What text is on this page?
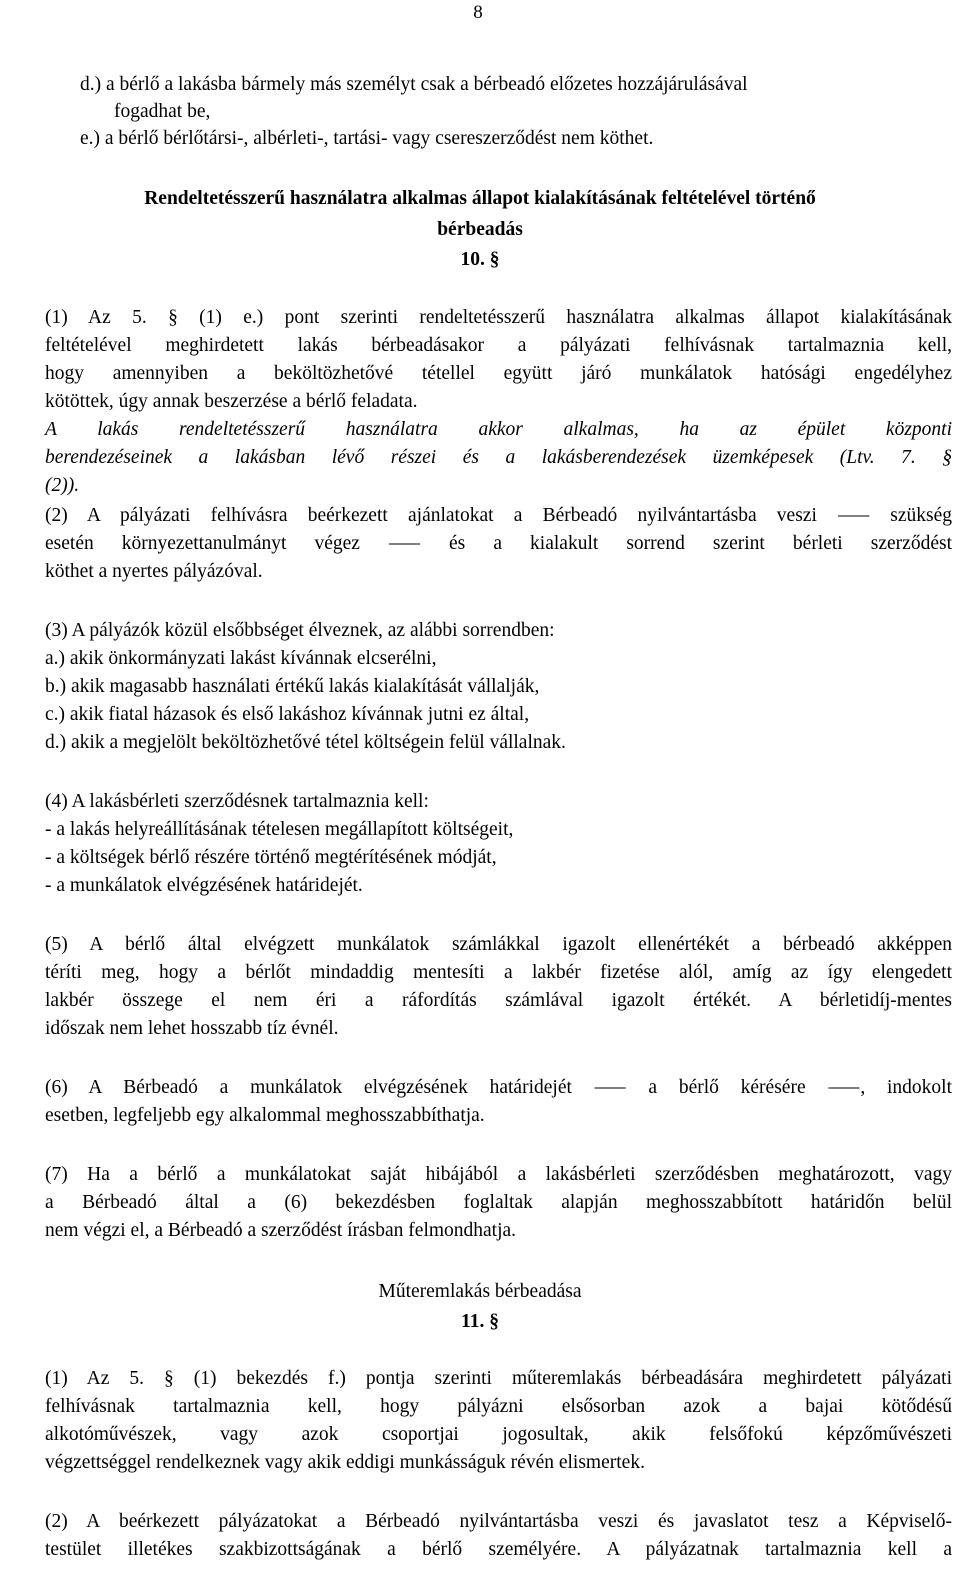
8
d.) a bérlő a lakásba bármely más személyt csak a bérbeadó előzetes hozzájárulásával
fogadhat be,
e.) a bérlő bérlőtársi-, albérleti-, tartási- vagy csereszerződést nem köthet.
Rendeltetésszerű használatra alkalmas állapot kialakításának feltételével történő
bérbeadás
10. §
(1) Az 5. § (1) e.) pont szerinti rendeltetésszerű használatra alkalmas állapot kialakításának
feltételével meghirdetett lakás bérbeadásakor a pályázati felhívásnak tartalmaznia kell,
hogy amennyiben a beköltözhetővé tétellel együtt járó munkálatok hatósági engedélyhez
kötöttek, úgy annak beszerzése a bérlő feladata.
A lakás rendeltetésszerű használatra akkor alkalmas, ha az épület központi
berendezéseinek a lakásban lévő részei és a lakásberendezések üzemképesek (Ltv. 7. §
(2)).
(2) A pályázati felhívásra beérkezett ajánlatokat a Bérbeadó nyilvántartásba veszi ⸺ szükség
esetén környezettanulmányt végez ⸺ és a kialakult sorrend szerint bérleti szerződést
köthet a nyertes pályázóval.
(3) A pályázók közül elsőbbséget élveznek, az alábbi sorrendben:
a.) akik önkormányzati lakást kívánnak elcserélni,
b.) akik magasabb használati értékű lakás kialakítását vállalják,
c.) akik fiatal házasok és első lakáshoz kívánnak jutni ez által,
d.) akik a megjelölt beköltözhetővé tétel költségein felül vállalnak.
(4) A lakásbérleti szerződésnek tartalmaznia kell:
- a lakás helyreállításának tételesen megállapított költségeit,
- a költségek bérlő részére történő megtérítésének módját,
- a munkálatok elvégzésének határidejét.
(5) A bérlő által elvégzett munkálatok számlákkal igazolt ellenértékét a bérbeadó akképpen
téríti meg, hogy a bérlőt mindaddig mentesíti a lakbér fizetése alól, amíg az így elengedett
lakbér összege el nem éri a ráfordítás számlával igazolt értékét. A bérletidíj-mentes
időszak nem lehet hosszabb tíz évnél.
(6) A Bérbeadó a munkálatok elvégzésének határidejét ⸺ a bérlő kérésére ⸺, indokolt
esetben, legfeljebb egy alkalommal meghosszabbíthatja.
(7) Ha a bérlő a munkálatokat saját hibájából a lakásbérleti szerződésben meghatározott, vagy
a Bérbeadó által a (6) bekezdésben foglaltak alapján meghosszabbított határidőn belül
nem végzi el, a Bérbeadó a szerződést írásban felmondhatja.
Műteremlakás bérbeadása
11. §
(1) Az 5. § (1) bekezdés f.) pontja szerinti műteremlakás bérbeadására meghirdetett pályázati
felhívásnak tartalmaznia kell, hogy pályázni elsősorban azok a bajai kötődésű
alkotóművészek, vagy azok csoportjai jogosultak, akik felsőfokú képzőművészeti
végzettséggel rendelkeznek vagy akik eddigi munkásságuk révén elismertek.
(2) A beérkezett pályázatokat a Bérbeadó nyilvántartásba veszi és javaslatot tesz a Képviselő-
testület illetékes szakbizottságának a bérlő személyére. A pályázatnak tartalmaznia kell a
